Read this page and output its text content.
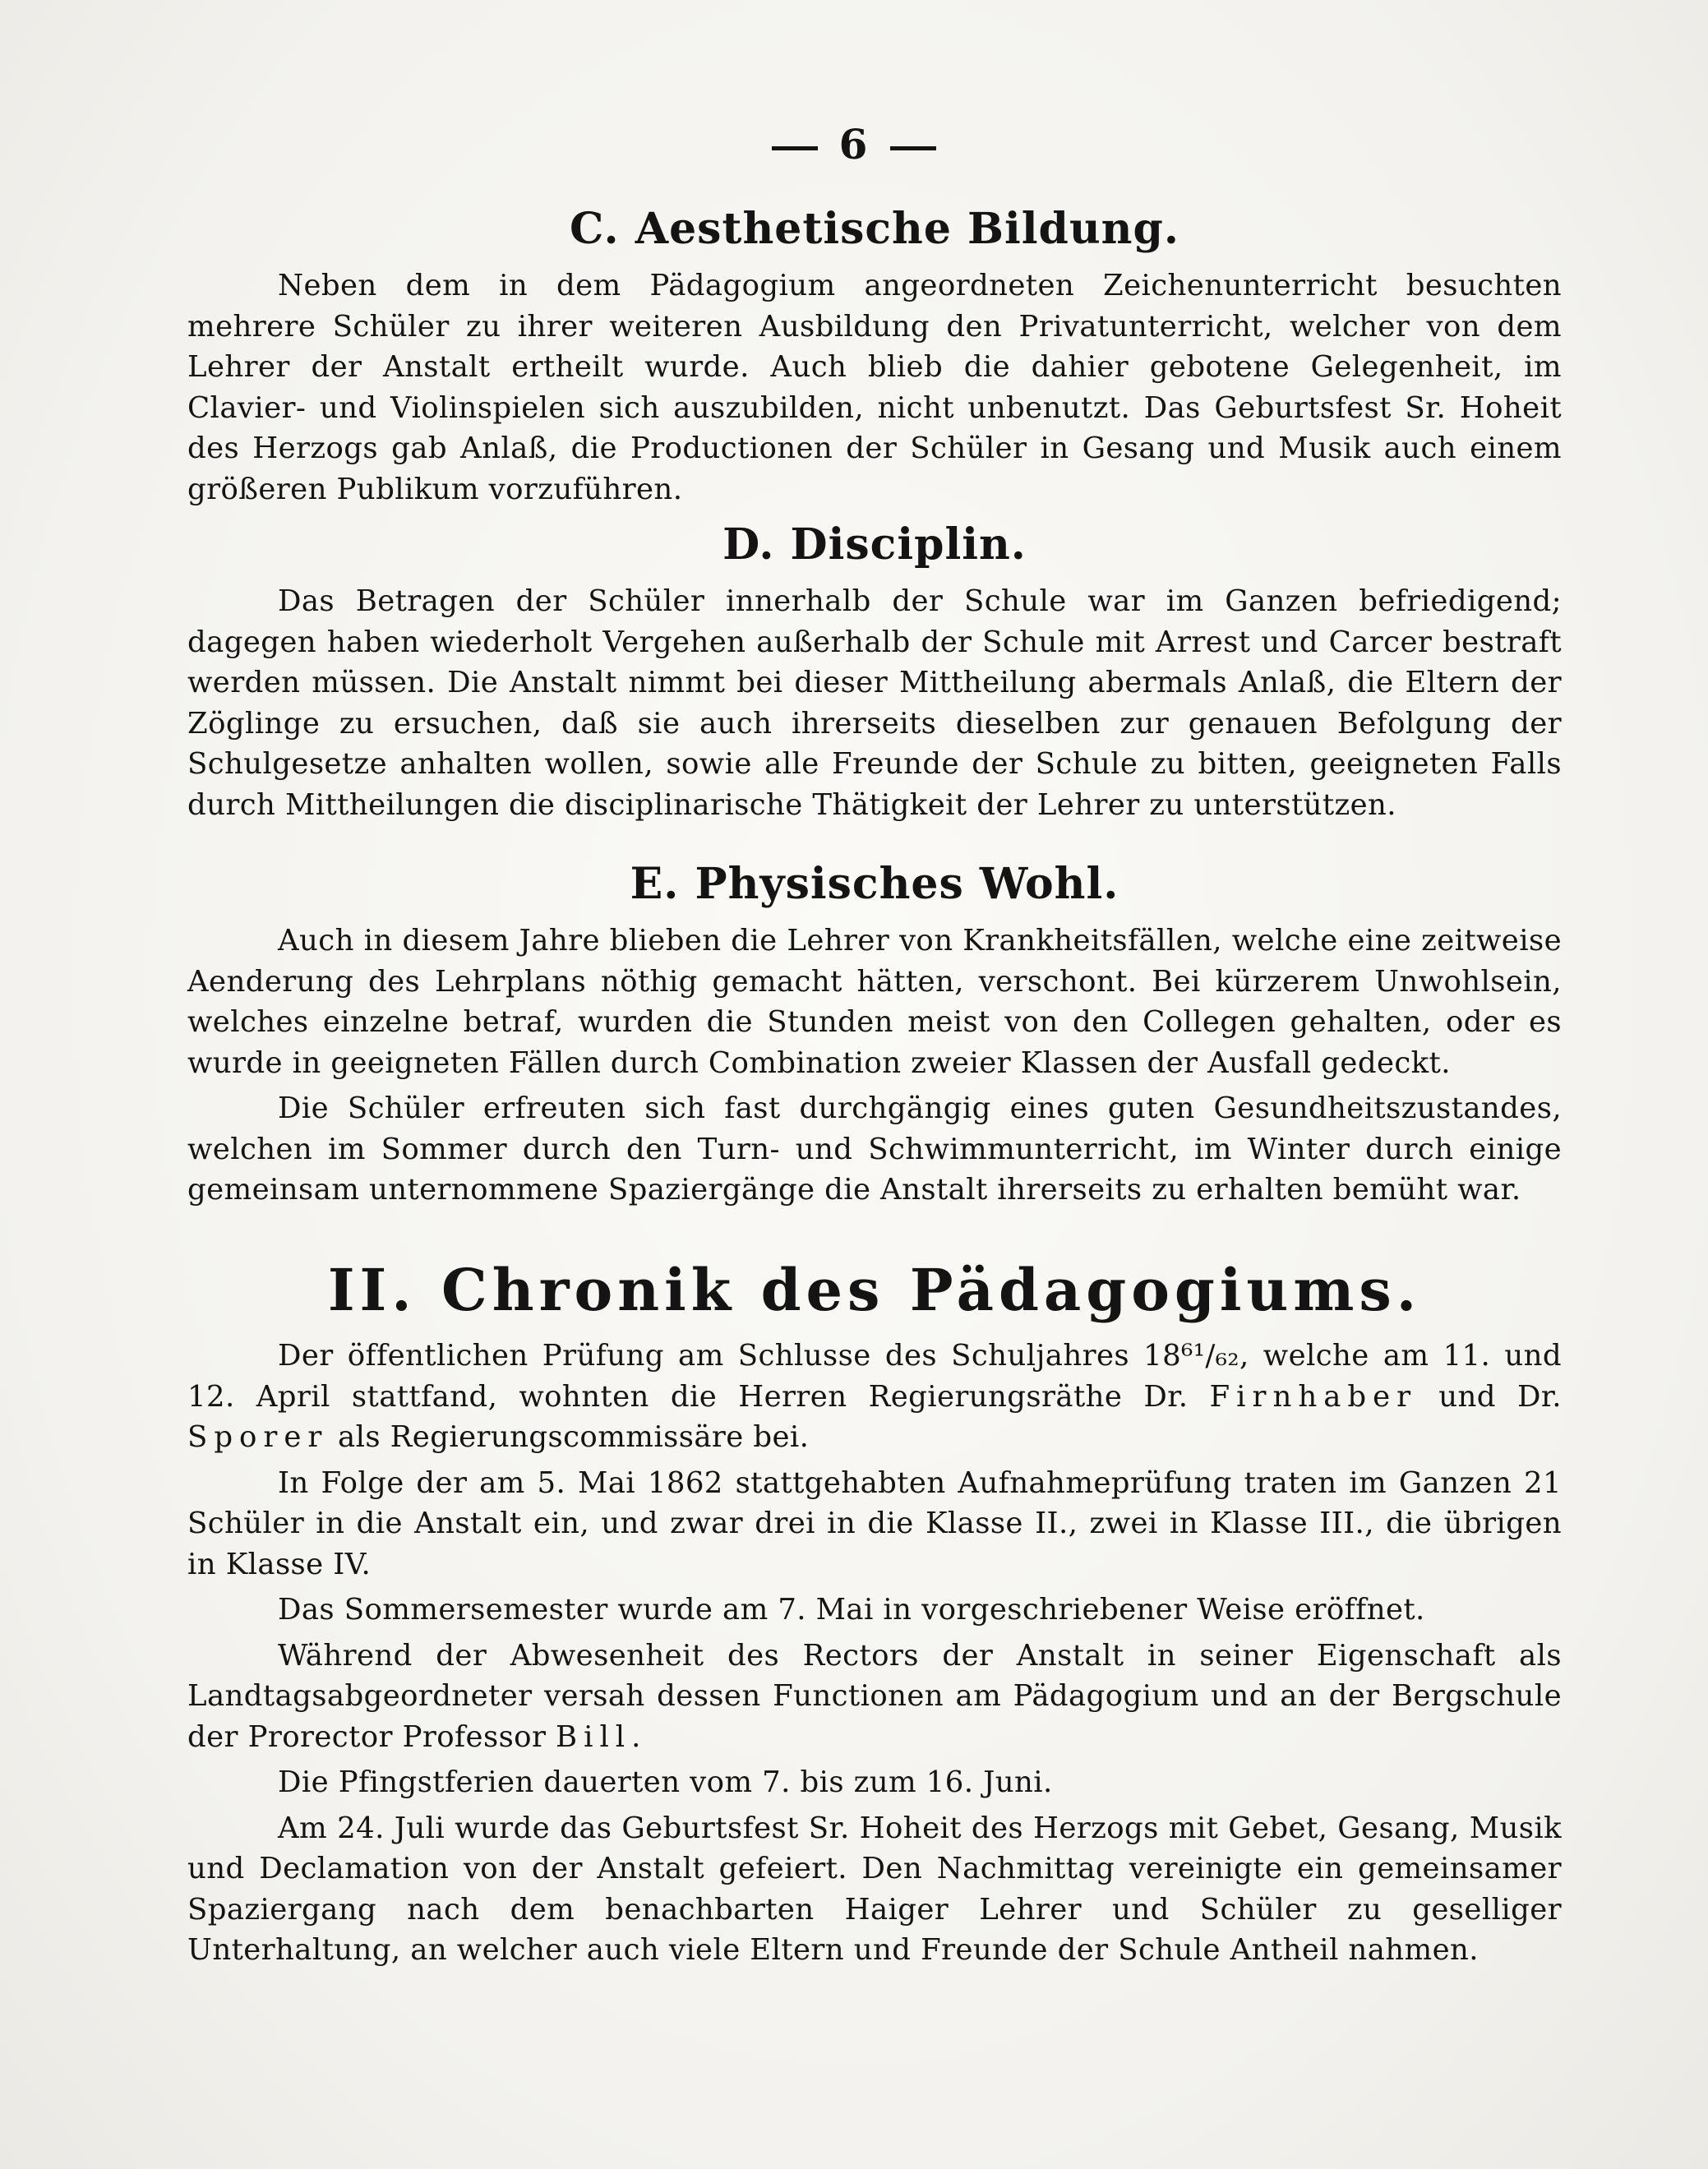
6
C. Aesthetische Bildung.

Neben dem in dem Pädagogium angeordneten Zeichenunterricht besuchten mehrere Schüler zu ihrer weiteren Ausbildung den Privatunterricht, welcher von dem Lehrer der Anstalt ertheilt wurde. Auch blieb die dahier gebotene Gelegenheit, im Clavier- und Violinspielen sich auszubilden, nicht unbenutzt. Das Geburtsfest Sr. Hoheit des Herzogs gab Anlaß, die Productionen der Schüler in Gesang und Musik auch einem größeren Publikum vorzuführen.

D. Disciplin.

Das Betragen der Schüler innerhalb der Schule war im Ganzen befriedigend; dagegen haben wiederholt Vergehen außerhalb der Schule mit Arrest und Carcer bestraft werden müssen. Die Anstalt nimmt bei dieser Mittheilung abermals Anlaß, die Eltern der Zöglinge zu ersuchen, daß sie auch ihrerseits dieselben zur genauen Befolgung der Schulgesetze anhalten wollen, sowie alle Freunde der Schule zu bitten, geeigneten Falls durch Mittheilungen die disciplinarische Thätigkeit der Lehrer zu unterstützen.

E. Physisches Wohl.

Auch in diesem Jahre blieben die Lehrer von Krankheitsfällen, welche eine zeitweise Aenderung des Lehrplans nöthig gemacht hätten, verschont. Bei kürzerem Unwohlsein, welches einzelne betraf, wurden die Stunden meist von den Collegen gehalten, oder es wurde in geeigneten Fällen durch Combination zweier Klassen der Ausfall gedeckt.

Die Schüler erfreuten sich fast durchgängig eines guten Gesundheitszustandes, welchen im Sommer durch den Turn- und Schwimmunterricht, im Winter durch einige gemeinsam unternommene Spaziergänge die Anstalt ihrerseits zu erhalten bemüht war.

II. Chronik des Pädagogiums.

Der öffentlichen Prüfung am Schlusse des Schuljahres 18⁶¹/₆₂, welche am 11. und 12. April stattfand, wohnten die Herren Regierungsräthe Dr. Firnhaber und Dr. Sporer als Regierungscommissäre bei.

In Folge der am 5. Mai 1862 stattgehabten Aufnahmeprüfung traten im Ganzen 21 Schüler in die Anstalt ein, und zwar drei in die Klasse II., zwei in Klasse III., die übrigen in Klasse IV.

Das Sommersemester wurde am 7. Mai in vorgeschriebener Weise eröffnet.

Während der Abwesenheit des Rectors der Anstalt in seiner Eigenschaft als Landtagsabgeordneter versah dessen Functionen am Pädagogium und an der Bergschule der Prorector Professor Bill.

Die Pfingstferien dauerten vom 7. bis zum 16. Juni.

Am 24. Juli wurde das Geburtsfest Sr. Hoheit des Herzogs mit Gebet, Gesang, Musik und Declamation von der Anstalt gefeiert. Den Nachmittag vereinigte ein gemeinsamer Spaziergang nach dem benachbarten Haiger Lehrer und Schüler zu geselliger Unterhaltung, an welcher auch viele Eltern und Freunde der Schule Antheil nahmen.
